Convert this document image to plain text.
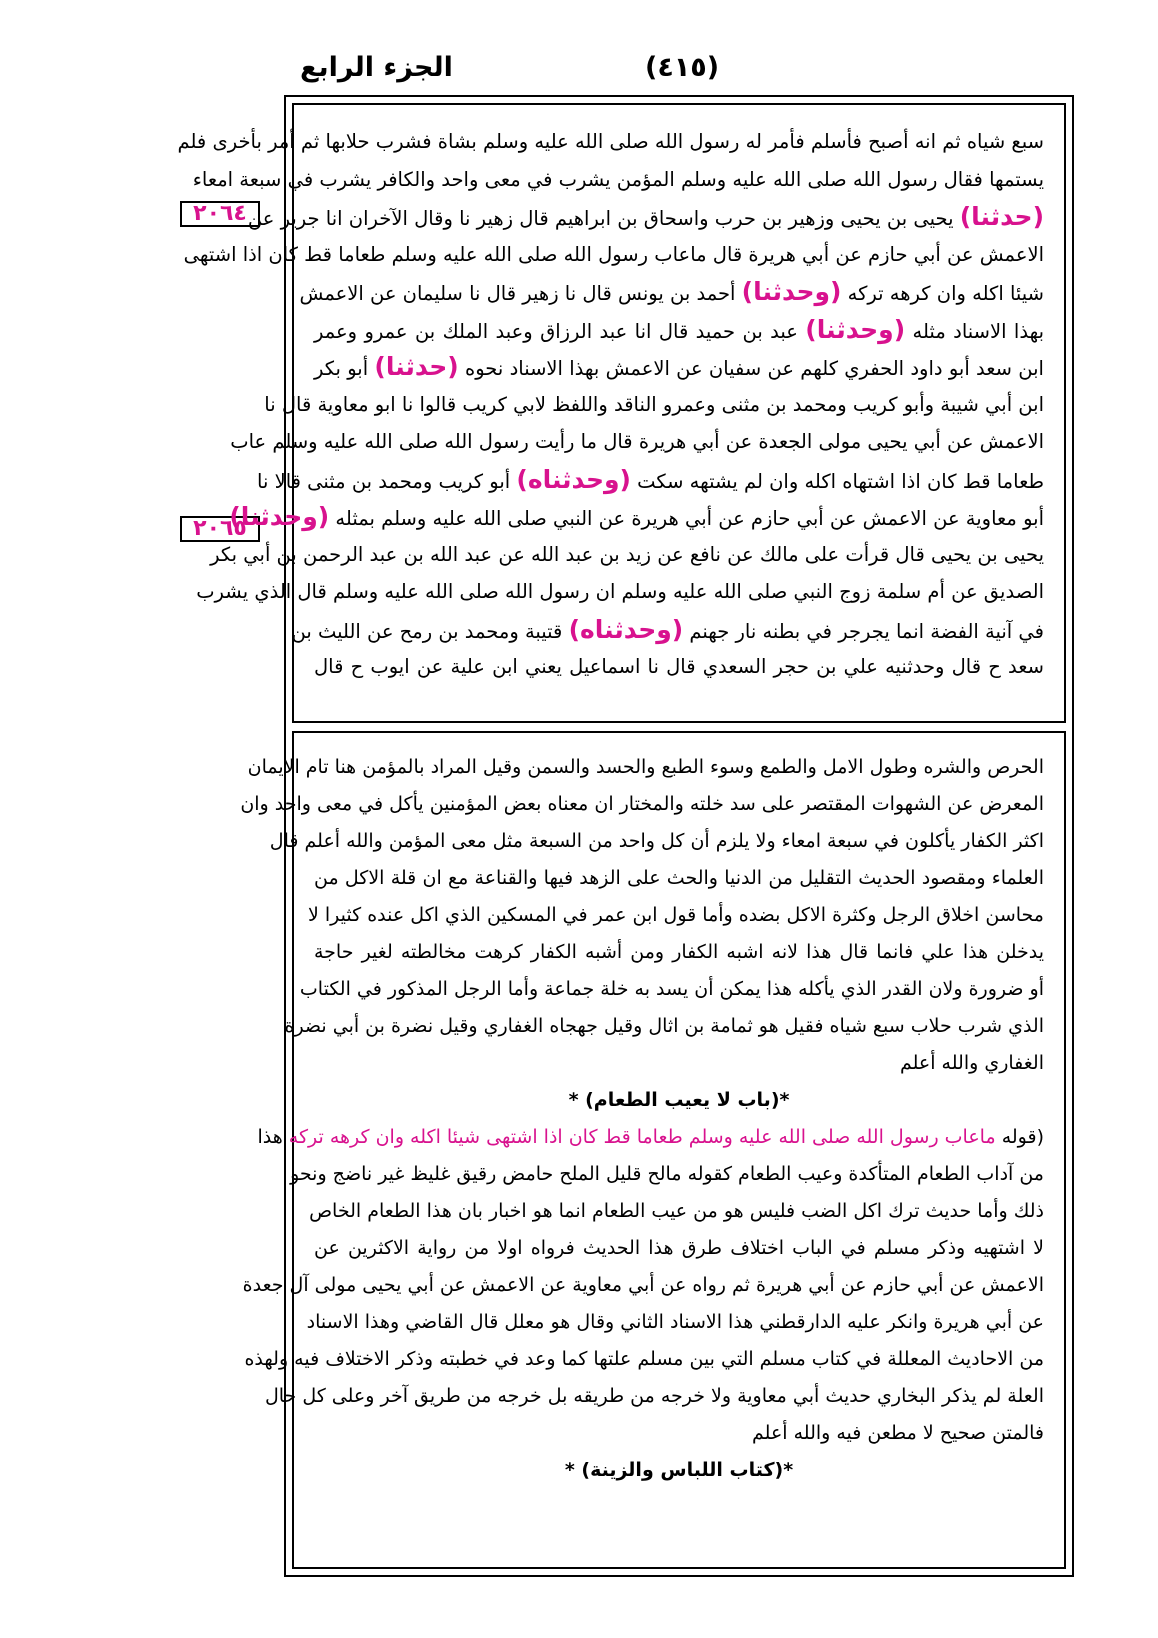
الجزء الرابع	(٤١٥)
٢٠٦٤
٢٠٦٥
سبع شياه ثم انه أصبح فأسلم فأمر له رسول الله صلى الله عليه وسلم بشاة فشرب حلابها ثم أمر بأخرى فلم
يستمها فقال رسول الله صلى الله عليه وسلم المؤمن يشرب في معى واحد والكافر يشرب في سبعة امعاء
(حدثنا) يحيى بن يحيى وزهير بن حرب واسحاق بن ابراهيم قال زهير نا وقال الآخران انا جرير عن
الاعمش عن أبي حازم عن أبي هريرة قال ماعاب رسول الله صلى الله عليه وسلم طعاما قط كان اذا اشتهى
شيئا اكله وان كرهه تركه (وحدثنا) أحمد بن يونس قال نا زهير قال نا سليمان عن الاعمش
بهذا الاسناد مثله (وحدثنا) عبد بن حميد قال انا عبد الرزاق وعبد الملك بن عمرو وعمر
ابن سعد أبو داود الحفري كلهم عن سفيان عن الاعمش بهذا الاسناد نحوه (حدثنا) أبو بكر
ابن أبي شيبة وأبو كريب ومحمد بن مثنى وعمرو الناقد واللفظ لابي كريب قالوا نا ابو معاوية قال نا
الاعمش عن أبي يحيى مولى الجعدة عن أبي هريرة قال ما رأيت رسول الله صلى الله عليه وسلم عاب
طعاما قط كان اذا اشتهاه اكله وان لم يشتهه سكت (وحدثناه) أبو كريب ومحمد بن مثنى قالا نا
أبو معاوية عن الاعمش عن أبي حازم عن أبي هريرة عن النبي صلى الله عليه وسلم بمثله (وحدثنا)
يحيى بن يحيى قال قرأت على مالك عن نافع عن زيد بن عبد الله عن عبد الله بن عبد الرحمن بن أبي بكر
الصديق عن أم سلمة زوج النبي صلى الله عليه وسلم ان رسول الله صلى الله عليه وسلم قال الذي يشرب
في آنية الفضة انما يجرجر في بطنه نار جهنم (وحدثناه) قتيبة ومحمد بن رمح عن الليث بن
سعد ح قال وحدثنيه علي بن حجر السعدي قال نا اسماعيل يعني ابن علية عن ايوب ح قال
الحرص والشره وطول الامل والطمع وسوء الطبع والحسد والسمن وقيل المراد بالمؤمن هنا تام الايمان
المعرض عن الشهوات المقتصر على سد خلته والمختار ان معناه بعض المؤمنين يأكل في معى واحد وان
اكثر الكفار يأكلون في سبعة امعاء ولا يلزم أن كل واحد من السبعة مثل معى المؤمن والله أعلم قال
العلماء ومقصود الحديث التقليل من الدنيا والحث على الزهد فيها والقناعة مع ان قلة الاكل من
محاسن اخلاق الرجل وكثرة الاكل بضده وأما قول ابن عمر في المسكين الذي اكل عنده كثيرا لا
يدخلن هذا علي فانما قال هذا لانه اشبه الكفار ومن أشبه الكفار كرهت مخالطته لغير حاجة
أو ضرورة ولان القدر الذي يأكله هذا يمكن أن يسد به خلة جماعة وأما الرجل المذكور في الكتاب
الذي شرب حلاب سبع شياه فقيل هو ثمامة بن اثال وقيل جهجاه الغفاري وقيل نضرة بن أبي نضرة
الغفاري والله أعلم
*(باب لا يعيب الطعام) *
(قوله ماعاب رسول الله صلى الله عليه وسلم طعاما قط كان اذا اشتهى شيئا اكله وان كرهه تركه هذا
من آداب الطعام المتأكدة وعيب الطعام كقوله مالح قليل الملح حامض رقيق غليظ غير ناضج ونحو
ذلك وأما حديث ترك اكل الضب فليس هو من عيب الطعام انما هو اخبار بان هذا الطعام الخاص
لا اشتهيه وذكر مسلم في الباب اختلاف طرق هذا الحديث فرواه اولا من رواية الاكثرين عن
الاعمش عن أبي حازم عن أبي هريرة ثم رواه عن أبي معاوية عن الاعمش عن أبي يحيى مولى آل جعدة
عن أبي هريرة وانكر عليه الدارقطني هذا الاسناد الثاني وقال هو معلل قال القاضي وهذا الاسناد
من الاحاديث المعللة في كتاب مسلم التي بين مسلم علتها كما وعد في خطبته وذكر الاختلاف فيه ولهذه
العلة لم يذكر البخاري حديث أبي معاوية ولا خرجه من طريقه بل خرجه من طريق آخر وعلى كل حال
فالمتن صحيح لا مطعن فيه والله أعلم
*(كتاب اللباس والزينة) *
